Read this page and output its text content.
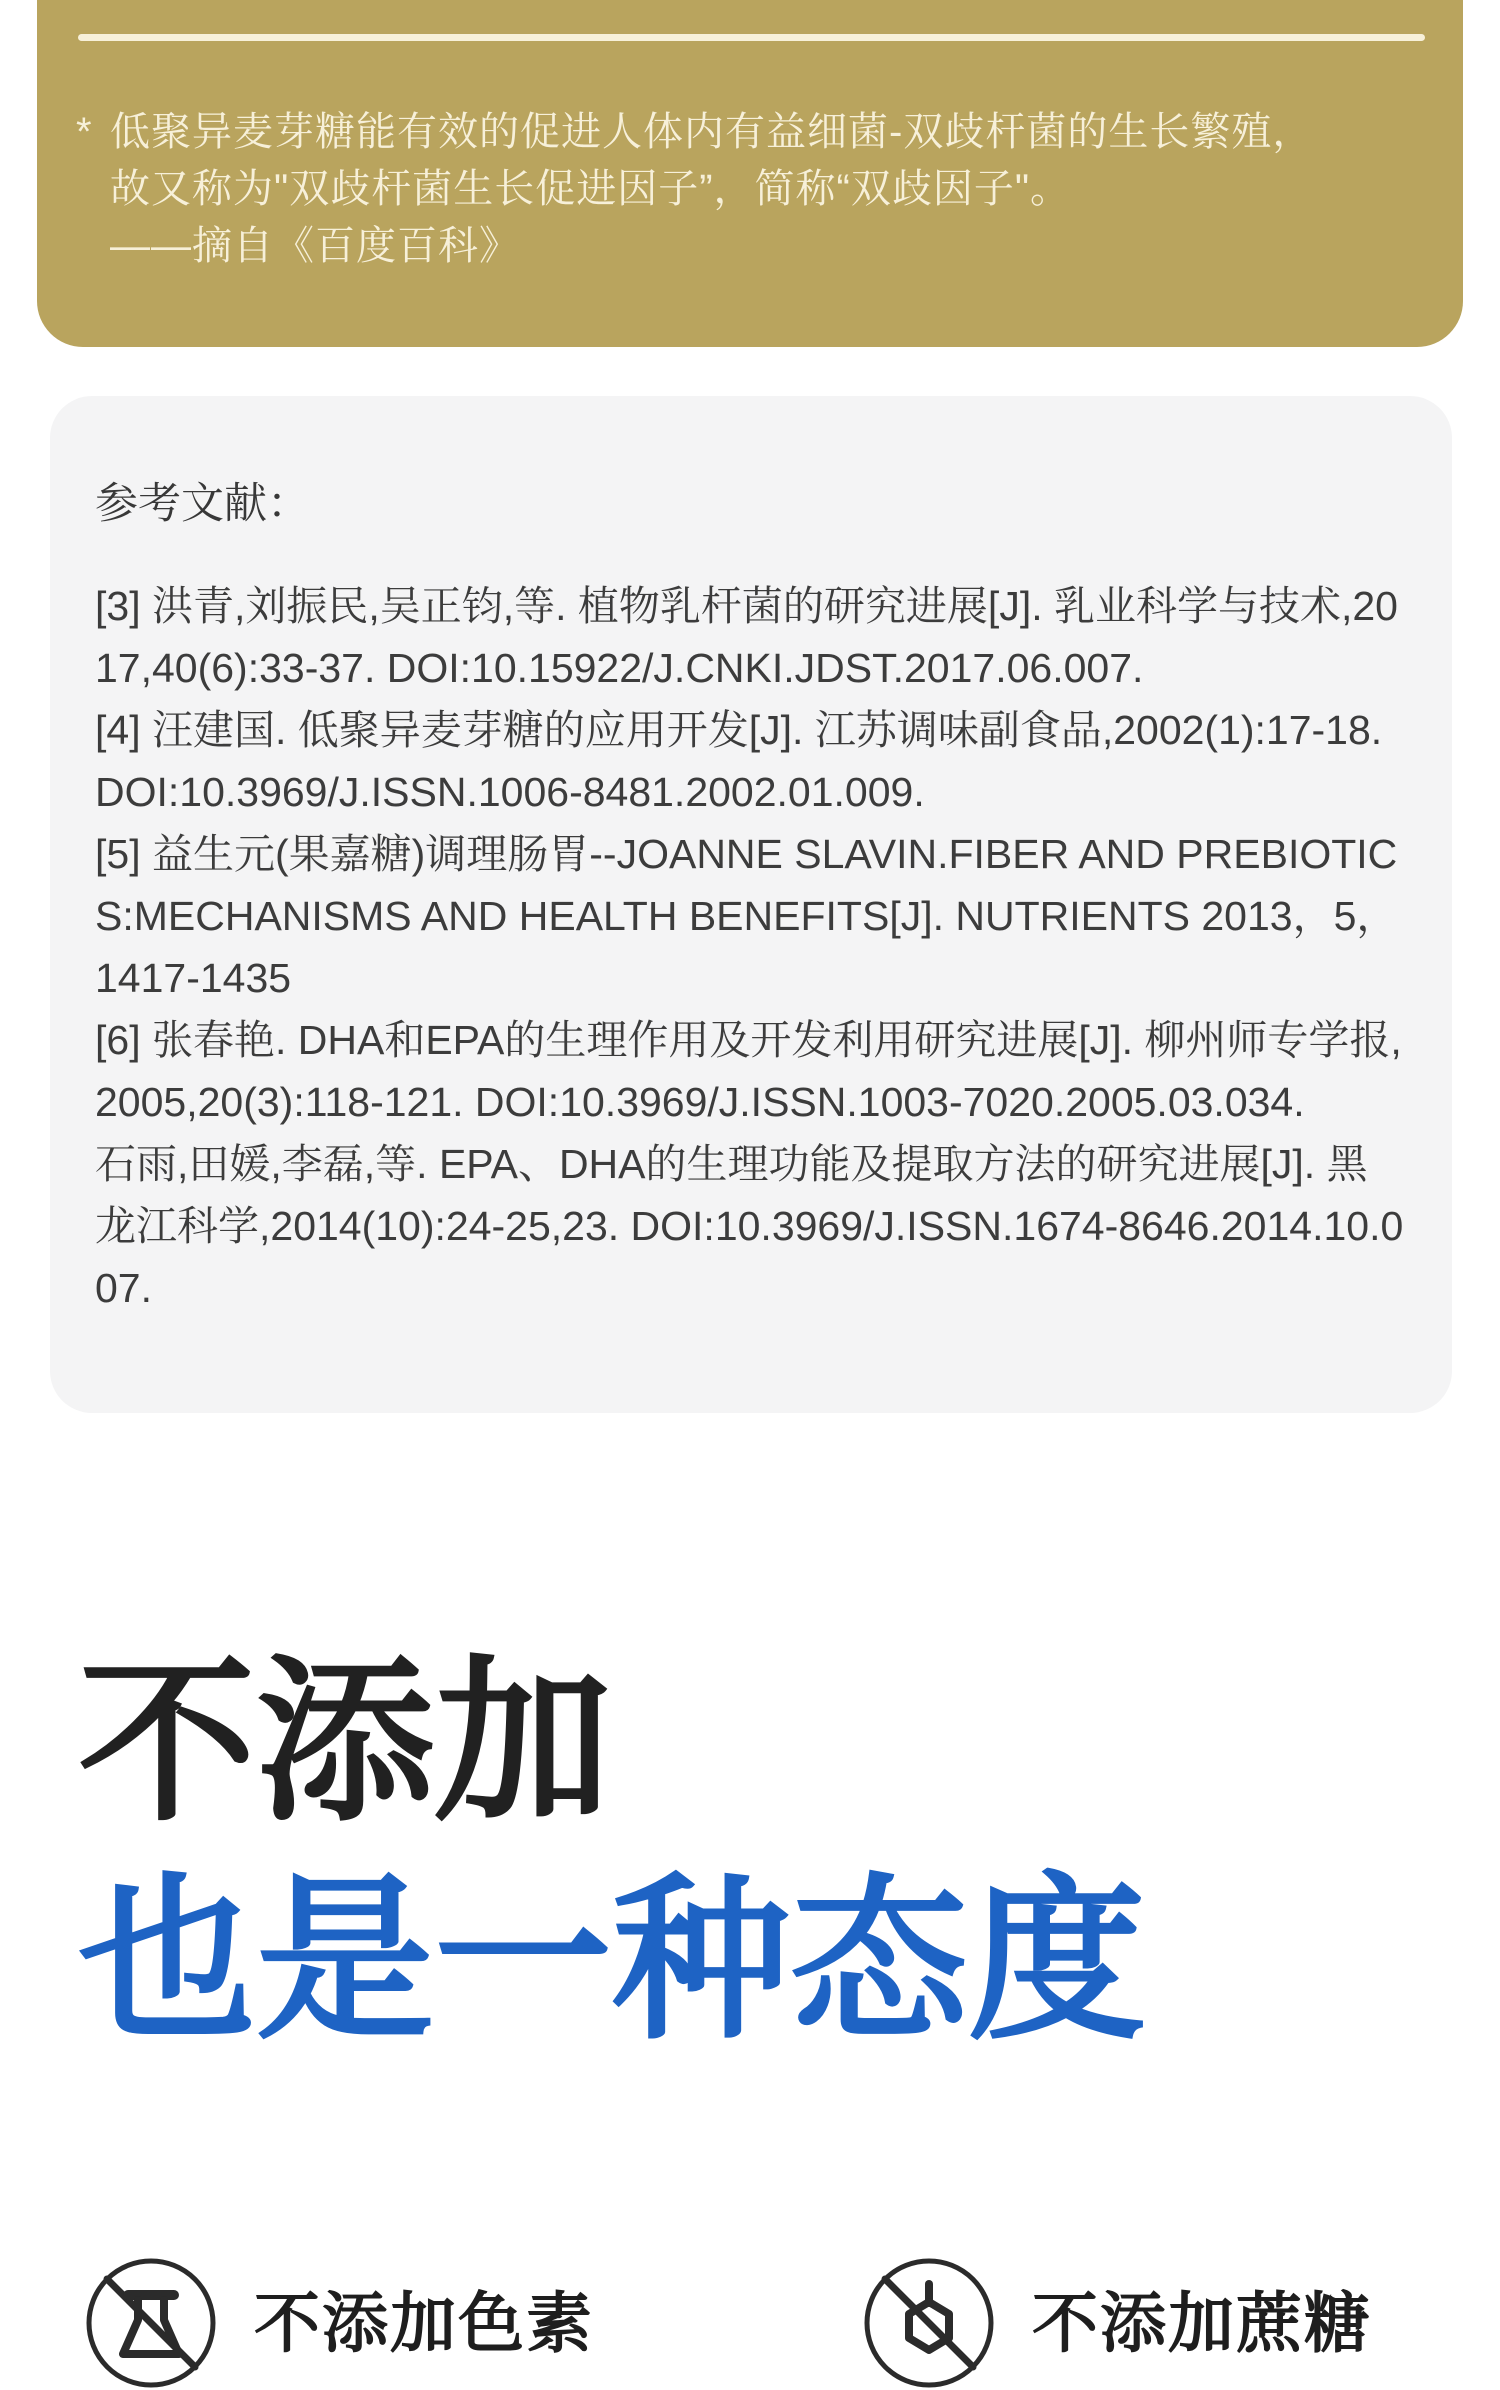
* 低聚异麦芽糖能有效的促进人体内有益细菌-双歧杆菌的生长繁殖，

故又称为"双歧杆菌生长促进因子”，简称“双歧因子"。

——摘自《百度百科》

参考文献：

[3] 洪青,刘振民,吴正钧,等. 植物乳杆菌的研究进展[J]. 乳业科学与技术,2017,40(6):33-37. DOI:10.15922/J.CNKI.JDST.2017.06.007.

[4] 汪建国. 低聚异麦芽糖的应用开发[J]. 江苏调味副食品,2002(1):17-18. DOI:10.3969/J.ISSN.1006-8481.2002.01.009.

[5] 益生元(果嘉糖)调理肠胃--JOANNE SLAVIN.FIBER AND PREBIOTICS:MECHANISMS AND HEALTH BENEFITS[J]. NUTRIENTS 2013，5，1417-1435

[6] 张春艳. DHA和EPA的生理作用及开发利用研究进展[J]. 柳州师专学报,2005,20(3):118-121. DOI:10.3969/J.ISSN.1003-7020.2005.03.034.

石雨,田媛,李磊,等. EPA、DHA的生理功能及提取方法的研究进展[J]. 黑龙江科学,2014(10):24-25,23. DOI:10.3969/J.ISSN.1674-8646.2014.10.007.

不添加
也是一种态度
不添加色素	不添加蔗糖
